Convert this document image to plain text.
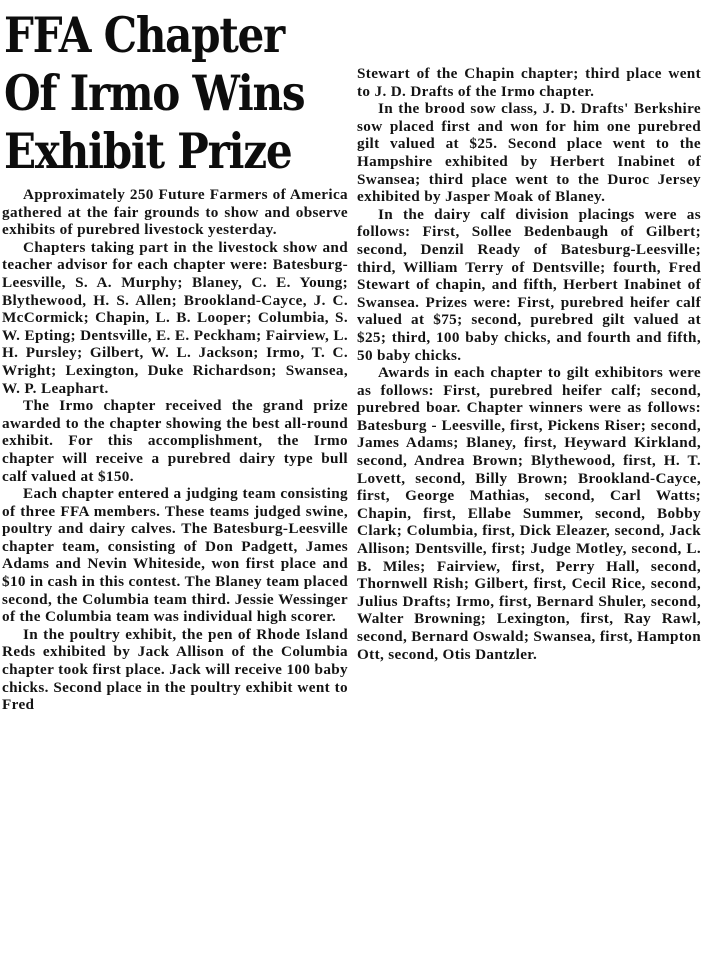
FFA Chapter
Of Irmo Wins
Exhibit Prize

Approximately 250 Future Farmers of America gathered at the fair grounds to show and observe exhibits of purebred livestock yesterday.

Chapters taking part in the livestock show and teacher advisor for each chapter were: Batesburg-Leesville, S. A. Murphy; Blaney, C. E. Young; Blythewood, H. S. Allen; Brookland-Cayce, J. C. McCormick; Chapin, L. B. Looper; Columbia, S. W. Epting; Dentsville, E. E. Peckham; Fairview, L. H. Pursley; Gilbert, W. L. Jackson; Irmo, T. C. Wright; Lexington, Duke Richardson; Swansea, W. P. Leaphart.

The Irmo chapter received the grand prize awarded to the chapter showing the best all-round exhibit. For this accomplishment, the Irmo chapter will receive a purebred dairy type bull calf valued at $150.

Each chapter entered a judging team consisting of three FFA members. These teams judged swine, poultry and dairy calves. The Batesburg-Leesville chapter team, consisting of Don Padgett, James Adams and Nevin Whiteside, won first place and $10 in cash in this contest. The Blaney team placed second, the Columbia team third. Jessie Wessinger of the Columbia team was individual high scorer.

In the poultry exhibit, the pen of Rhode Island Reds exhibited by Jack Allison of the Columbia chapter took first place. Jack will receive 100 baby chicks. Second place in the poultry exhibit went to Fred

Stewart of the Chapin chapter; third place went to J. D. Drafts of the Irmo chapter.

In the brood sow class, J. D. Drafts' Berkshire sow placed first and won for him one purebred gilt valued at $25. Second place went to the Hampshire exhibited by Herbert Inabinet of Swansea; third place went to the Duroc Jersey exhibited by Jasper Moak of Blaney.

In the dairy calf division placings were as follows: First, Sollee Bedenbaugh of Gilbert; second, Denzil Ready of Batesburg-Leesville; third, William Terry of Dentsville; fourth, Fred Stewart of chapin, and fifth, Herbert Inabinet of Swansea. Prizes were: First, purebred heifer calf valued at $75; second, purebred gilt valued at $25; third, 100 baby chicks, and fourth and fifth, 50 baby chicks.

Awards in each chapter to gilt exhibitors were as follows: First, purebred heifer calf; second, purebred boar. Chapter winners were as follows: Batesburg - Leesville, first, Pickens Riser; second, James Adams; Blaney, first, Heyward Kirkland, second, Andrea Brown; Blythewood, first, H. T. Lovett, second, Billy Brown; Brookland-Cayce, first, George Mathias, second, Carl Watts; Chapin, first, Ellabe Summer, second, Bobby Clark; Columbia, first, Dick Eleazer, second, Jack Allison; Dentsville, first; Judge Motley, second, L. B. Miles; Fairview, first, Perry Hall, second, Thornwell Rish; Gilbert, first, Cecil Rice, second, Julius Drafts; Irmo, first, Bernard Shuler, second, Walter Browning; Lexington, first, Ray Rawl, second, Bernard Oswald; Swansea, first, Hampton Ott, second, Otis Dantzler.
